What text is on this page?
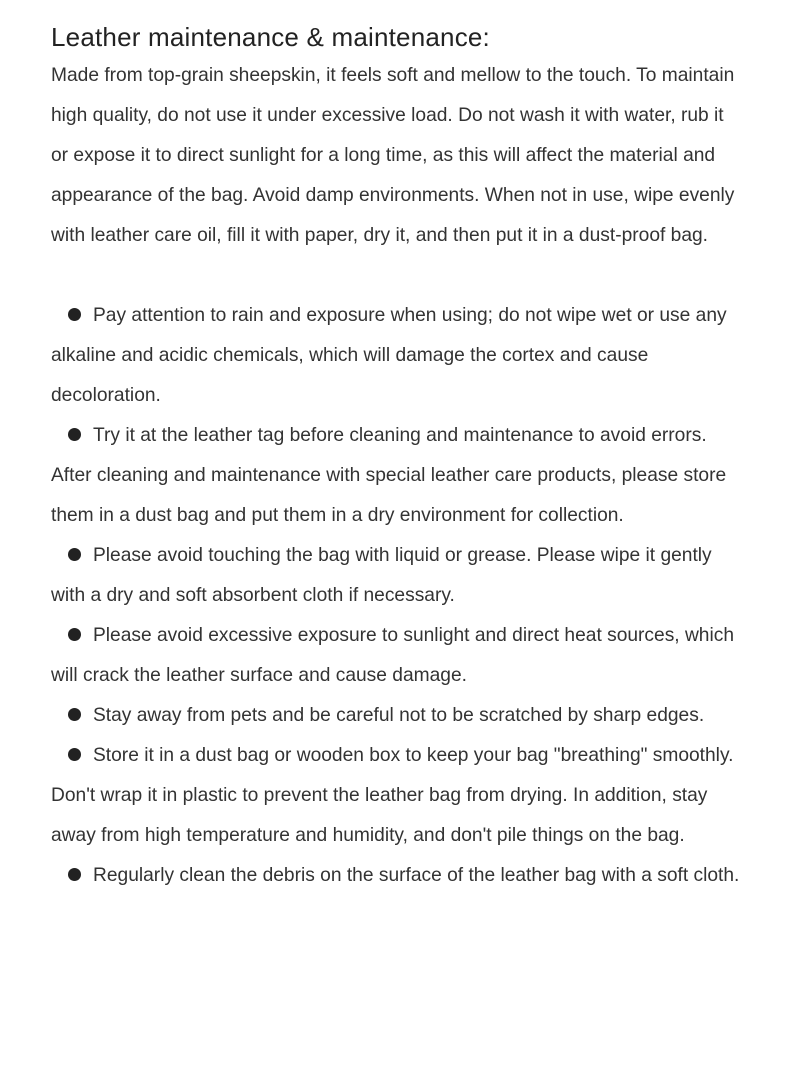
Leather maintenance & maintenance:

Made from top-grain sheepskin, it feels soft and mellow to the touch. To maintain high quality, do not use it under excessive load. Do not wash it with water, rub it or expose it to direct sunlight for a long time, as this will affect the material and appearance of the bag. Avoid damp environments. When not in use, wipe evenly with leather care oil, fill it with paper, dry it, and then put it in a dust-proof bag.

Pay attention to rain and exposure when using; do not wipe wet or use any alkaline and acidic chemicals, which will damage the cortex and cause decoloration.

Try it at the leather tag before cleaning and maintenance to avoid errors. After cleaning and maintenance with special leather care products, please store them in a dust bag and put them in a dry environment for collection.

Please avoid touching the bag with liquid or grease. Please wipe it gently with a dry and soft absorbent cloth if necessary.

Please avoid excessive exposure to sunlight and direct heat sources, which will crack the leather surface and cause damage.

Stay away from pets and be careful not to be scratched by sharp edges.

Store it in a dust bag or wooden box to keep your bag "breathing" smoothly. Don't wrap it in plastic to prevent the leather bag from drying. In addition, stay away from high temperature and humidity, and don't pile things on the bag.

Regularly clean the debris on the surface of the leather bag with a soft cloth.
